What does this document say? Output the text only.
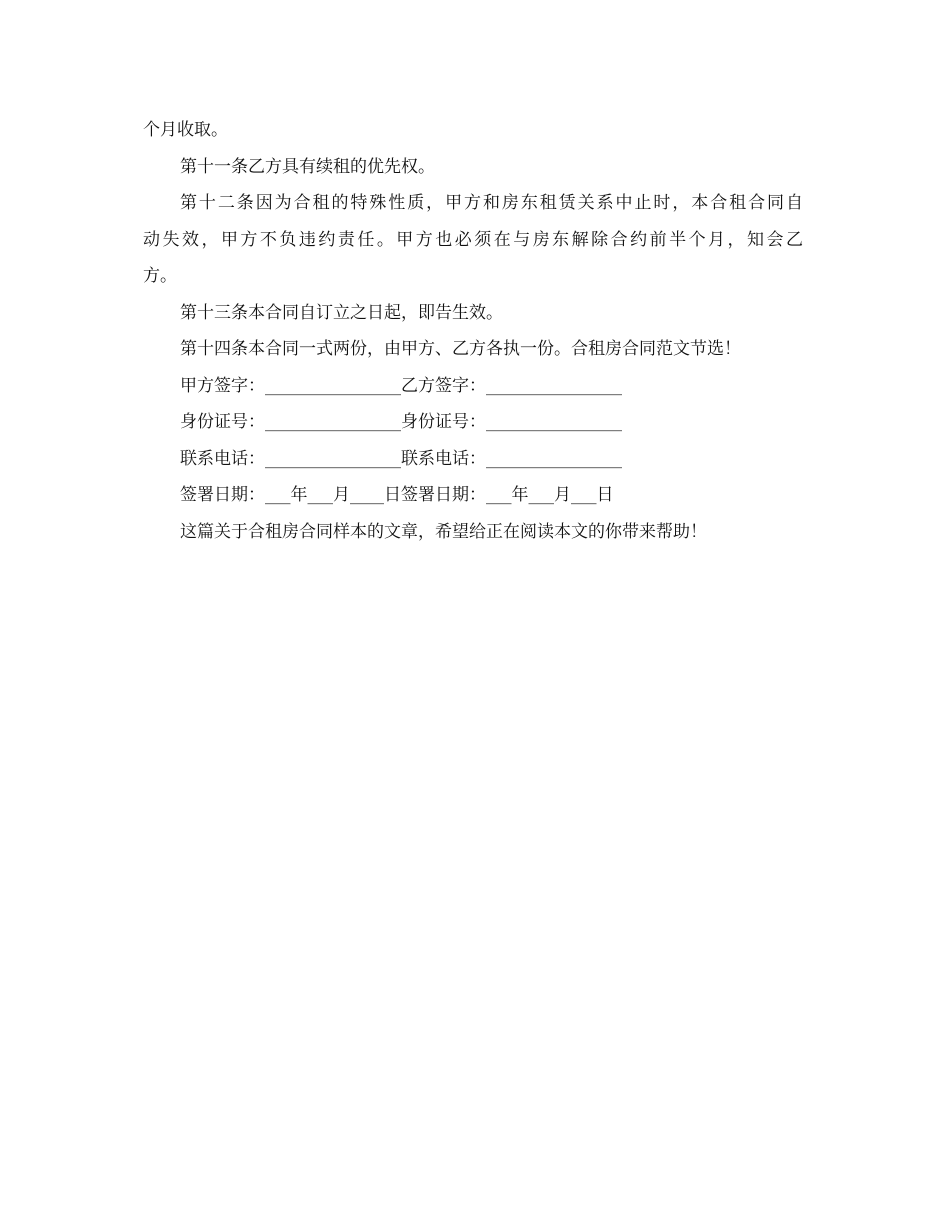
个月收取。
第十一条乙方具有续租的优先权。
第十二条因为合租的特殊性质，甲方和房东租赁关系中止时，本合租合同自
动失效，甲方不负违约责任。甲方也必须在与房东解除合约前半个月，知会乙
方。
第十三条本合同自订立之日起，即告生效。
第十四条本合同一式两份，由甲方、乙方各执一份。合租房合同范文节选！
甲方签字：________________乙方签字：________________
身份证号：________________身份证号：________________
联系电话：________________联系电话：________________
签署日期：___年___月____日签署日期：___年___月___日
这篇关于合租房合同样本的文章，希望给正在阅读本文的你带来帮助！
